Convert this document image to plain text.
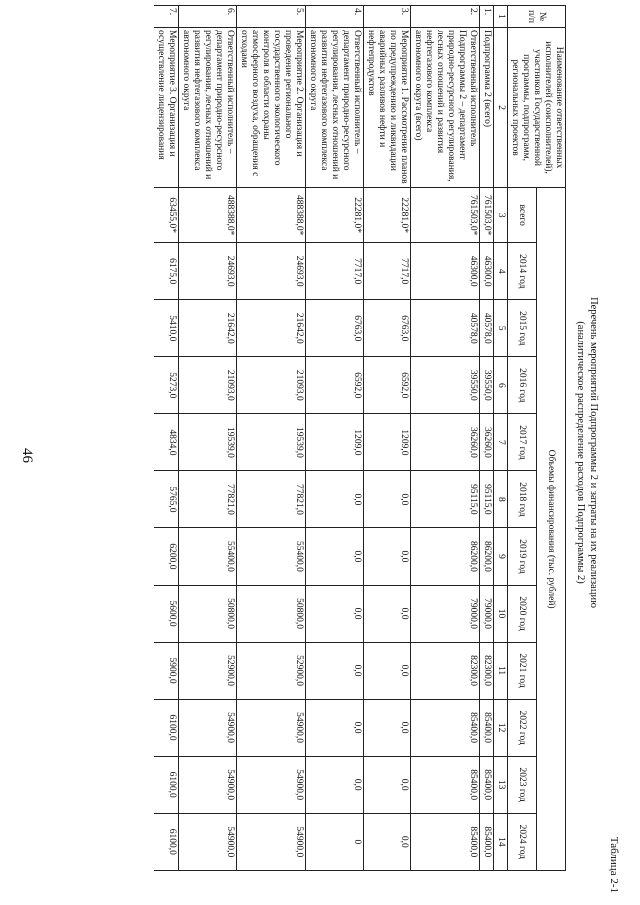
46
Таблица 2-1
Перечень мероприятий Подпрограммы 2 и затраты на их реализацию
(аналитическое распределение расходов Подпрограммы 2)
№ п/п	Наименование ответственных исполнителей (соисполнителей), участников Государственной программы, подпрограмм, региональных проектов	Объемы финансирования (тыс. рублей)											
		всего	2014 год	2015 год	2016 год	2017 год	2018 год	2019 год	2020 год	2021 год	2022 год	2023 год	2024 год
1	2	3	4	5	6	7	8	9	10	11	12	13	14
1.	Подпрограмма 2 (всего)	761503,0*	46300,0	40578,0	39550,0	36260,0	95115,0	86200,0	79000,0	82300,0	85400,0	85400,0	85400,0
2.	Ответственный исполнитель Подпрограммы 2 – департамент природно-ресурсного регулирования, лесных отношений и развития нефтегазового комплекса автономного округа (всего)	761503,0*	46300,0	40578,0	39550,0	36260,0	95115,0	86200,0	79000,0	82300,0	85400,0	85400,0	85400,0
3.	Мероприятие 1. Рассмотрение планов по предупреждению и ликвидации аварийных разливов нефти и нефтепродуктов	22281,0*	7717,0	6763,0	6592,0	1209,0	0,0	0,0	0,0	0,0	0,0	0,0	0,0
4.	Ответственный исполнитель – департамент природно-ресурсного регулирования, лесных отношений и развития нефтегазового комплекса автономного округа	22281,0*	7717,0	6763,0	6592,0	1209,0	0,0	0,0	0,0	0,0	0,0	0,0	0
5.	Мероприятие 2. Организация и проведение регионального государственного экологического контроля в области охраны атмосферного воздуха, обращения с отходами	488388,0*	24693,0	21642,0	21093,0	19539,0	77821,0	55400,0	50800,0	52900,0	54900,0	54900,0	54900,0
6.	Ответственный исполнитель – департамент природно-ресурсного регулирования, лесных отношений и развития нефтегазового комплекса автономного округа	488388,0*	24693,0	21642,0	21093,0	19539,0	77821,0	55400,0	50800,0	52900,0	54900,0	54900,0	54900,0
7.	Мероприятие 3. Организация и осуществление лицензирования	63455,0*	6175,0	5410,0	5273,0	4834,0	5765,0	6200,0	5600,0	5900,0	6100,0	6100,0	6100,0
